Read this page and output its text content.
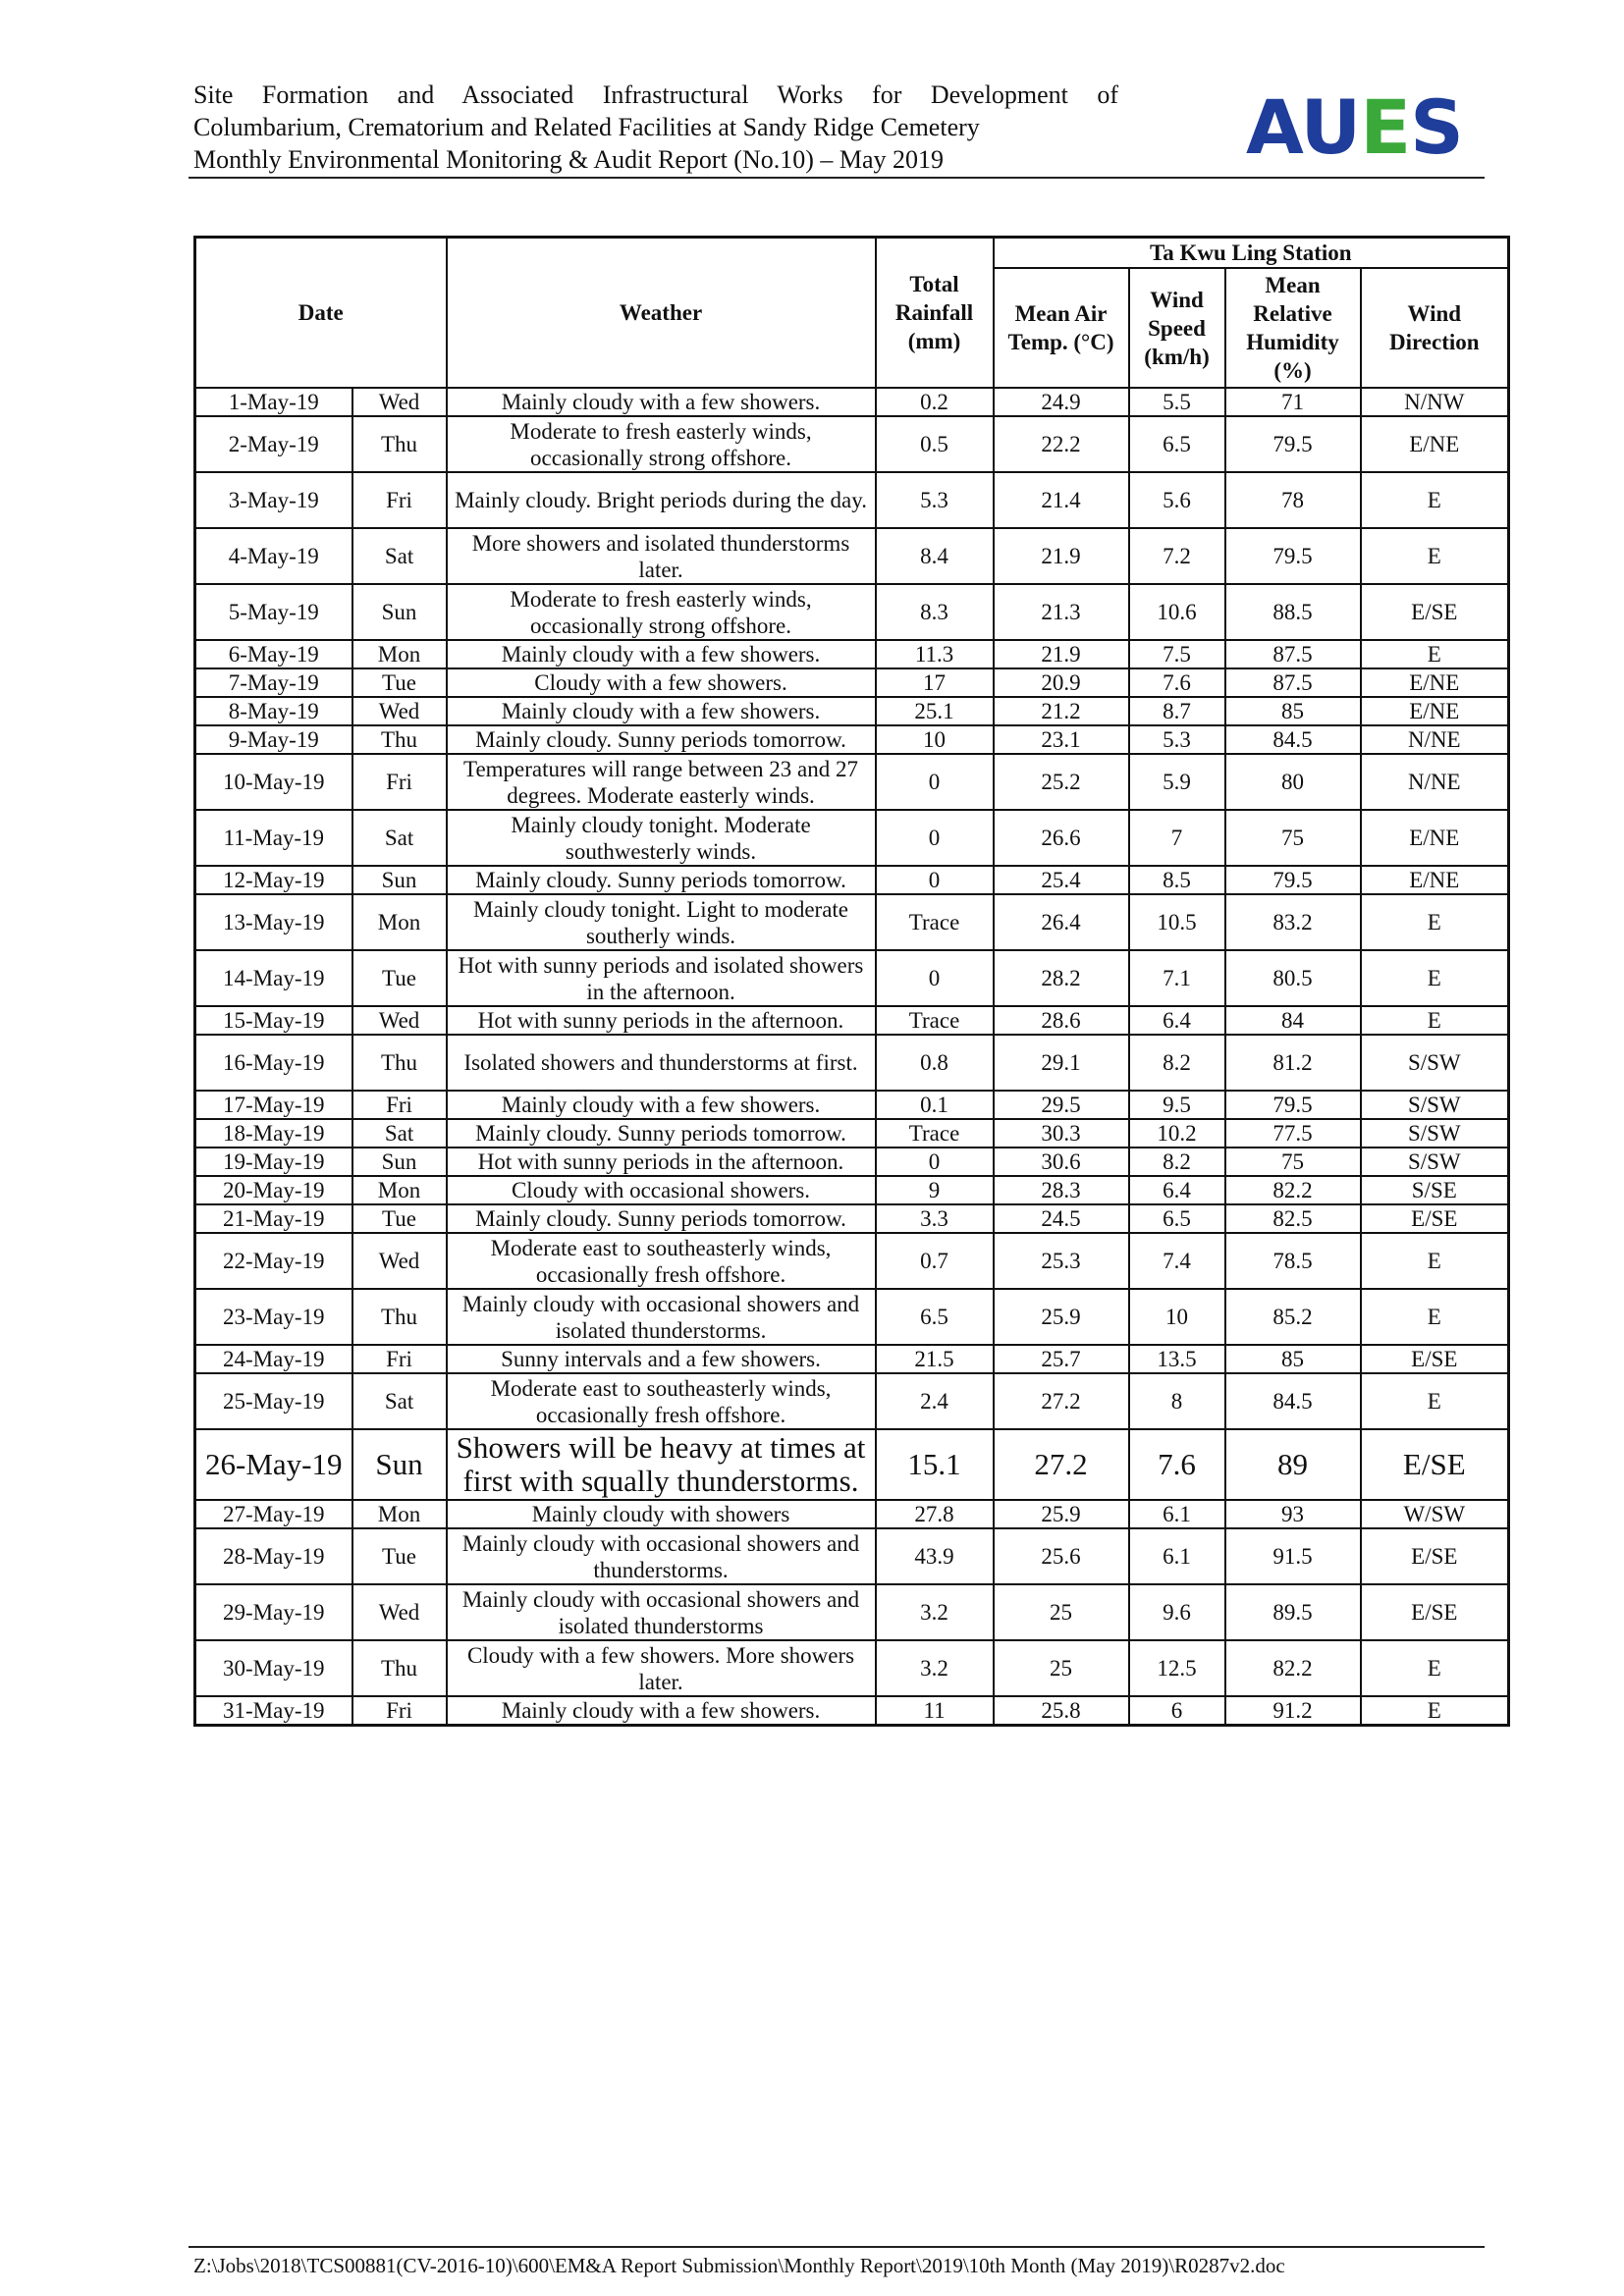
Site Formation and Associated Infrastructural Works for Development of
Columbarium, Crematorium and Related Facilities at Sandy Ridge Cemetery
Monthly Environmental Monitoring & Audit Report (No.10) – May 2019	AUES
Date		Weather	Total Rainfall (mm)	Ta Kwu Ling Station			
				Mean Air Temp. (°C)	Wind Speed (km/h)	Mean Relative Humidity (%)	Wind Direction
1-May-19	Wed	Mainly cloudy with a few showers.	0.2	24.9	5.5	71	N/NW
2-May-19	Thu	Moderate to fresh easterly winds, occasionally strong offshore.	0.5	22.2	6.5	79.5	E/NE
3-May-19	Fri	Mainly cloudy. Bright periods during the day.	5.3	21.4	5.6	78	E
4-May-19	Sat	More showers and isolated thunderstorms later.	8.4	21.9	7.2	79.5	E
5-May-19	Sun	Moderate to fresh easterly winds, occasionally strong offshore.	8.3	21.3	10.6	88.5	E/SE
6-May-19	Mon	Mainly cloudy with a few showers.	11.3	21.9	7.5	87.5	E
7-May-19	Tue	Cloudy with a few showers.	17	20.9	7.6	87.5	E/NE
8-May-19	Wed	Mainly cloudy with a few showers.	25.1	21.2	8.7	85	E/NE
9-May-19	Thu	Mainly cloudy. Sunny periods tomorrow.	10	23.1	5.3	84.5	N/NE
10-May-19	Fri	Temperatures will range between 23 and 27 degrees. Moderate easterly winds.	0	25.2	5.9	80	N/NE
11-May-19	Sat	Mainly cloudy tonight. Moderate southwesterly winds.	0	26.6	7	75	E/NE
12-May-19	Sun	Mainly cloudy. Sunny periods tomorrow.	0	25.4	8.5	79.5	E/NE
13-May-19	Mon	Mainly cloudy tonight. Light to moderate southerly winds.	Trace	26.4	10.5	83.2	E
14-May-19	Tue	Hot with sunny periods and isolated showers in the afternoon.	0	28.2	7.1	80.5	E
15-May-19	Wed	Hot with sunny periods in the afternoon.	Trace	28.6	6.4	84	E
16-May-19	Thu	Isolated showers and thunderstorms at first.	0.8	29.1	8.2	81.2	S/SW
17-May-19	Fri	Mainly cloudy with a few showers.	0.1	29.5	9.5	79.5	S/SW
18-May-19	Sat	Mainly cloudy. Sunny periods tomorrow.	Trace	30.3	10.2	77.5	S/SW
19-May-19	Sun	Hot with sunny periods in the afternoon.	0	30.6	8.2	75	S/SW
20-May-19	Mon	Cloudy with occasional showers.	9	28.3	6.4	82.2	S/SE
21-May-19	Tue	Mainly cloudy. Sunny periods tomorrow.	3.3	24.5	6.5	82.5	E/SE
22-May-19	Wed	Moderate east to southeasterly winds, occasionally fresh offshore.	0.7	25.3	7.4	78.5	E
23-May-19	Thu	Mainly cloudy with occasional showers and isolated thunderstorms.	6.5	25.9	10	85.2	E
24-May-19	Fri	Sunny intervals and a few showers.	21.5	25.7	13.5	85	E/SE
25-May-19	Sat	Moderate east to southeasterly winds, occasionally fresh offshore.	2.4	27.2	8	84.5	E
26-May-19	Sun	Showers will be heavy at times at first with squally thunderstorms.	15.1	27.2	7.6	89	E/SE
27-May-19	Mon	Mainly cloudy with showers	27.8	25.9	6.1	93	W/SW
28-May-19	Tue	Mainly cloudy with occasional showers and thunderstorms.	43.9	25.6	6.1	91.5	E/SE
29-May-19	Wed	Mainly cloudy with occasional showers and isolated thunderstorms	3.2	25	9.6	89.5	E/SE
30-May-19	Thu	Cloudy with a few showers. More showers later.	3.2	25	12.5	82.2	E
31-May-19	Fri	Mainly cloudy with a few showers.	11	25.8	6	91.2	E
Z:\Jobs\2018\TCS00881(CV-2016-10)\600\EM&A Report Submission\Monthly Report\2019\10th Month (May 2019)\R0287v2.doc
